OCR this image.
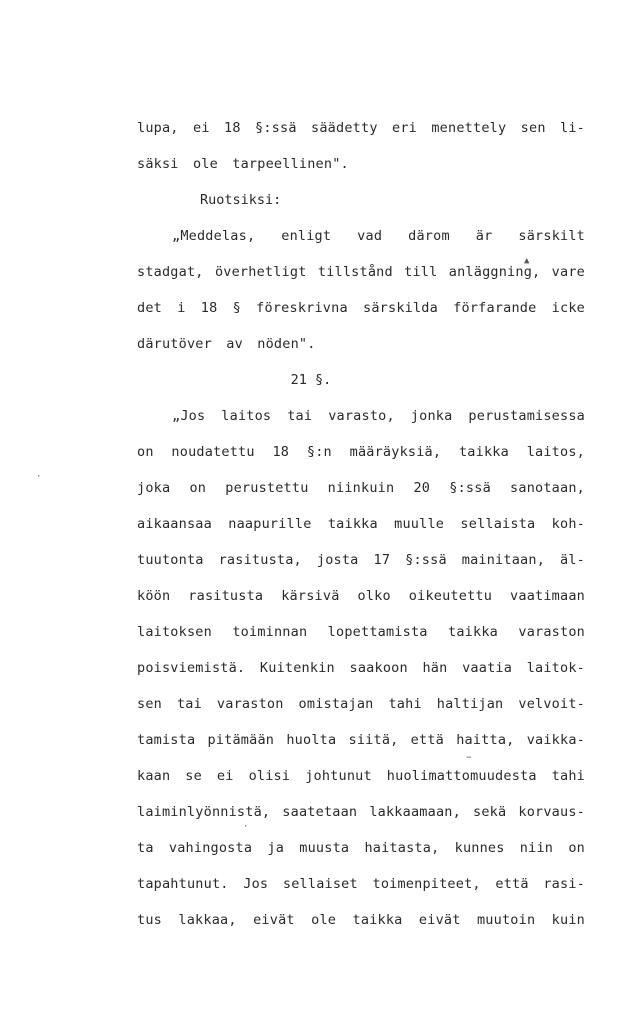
lupa, ei 18 §:ssä säädetty eri menettely sen li-
säksi ole tarpeellinen".
Ruotsiksi:
„Meddelas, enligt vad därom är särskilt
stadgat, överhetligt tillstånd till anläggning, vare
det i 18 § föreskrivna särskilda förfarande icke
därutöver av nöden".
21 §.
„Jos laitos tai varasto, jonka perustamisessa
on noudatettu 18 §:n määräyksiä, taikka laitos,
joka on perustettu niinkuin 20 §:ssä sanotaan,
aikaansaa naapurille taikka muulle sellaista koh-
tuutonta rasitusta, josta 17 §:ssä mainitaan, äl-
köön rasitusta kärsivä olko oikeutettu vaatimaan
laitoksen toiminnan lopettamista taikka varaston
poisviemistä. Kuitenkin saakoon hän vaatia laitok-
sen tai varaston omistajan tahi haltijan velvoit-
tamista pitämään huolta siitä, että haitta, vaikka-
kaan se ei olisi johtunut huolimattomuudesta tahi
laiminlyönnistä, saatetaan lakkaamaan, sekä korvaus-
ta vahingosta ja muusta haitasta, kunnes niin on
tapahtunut. Jos sellaiset toimenpiteet, että rasi-
tus lakkaa, eivät ole taikka eivät muutoin kuin
▲
·
−
·
